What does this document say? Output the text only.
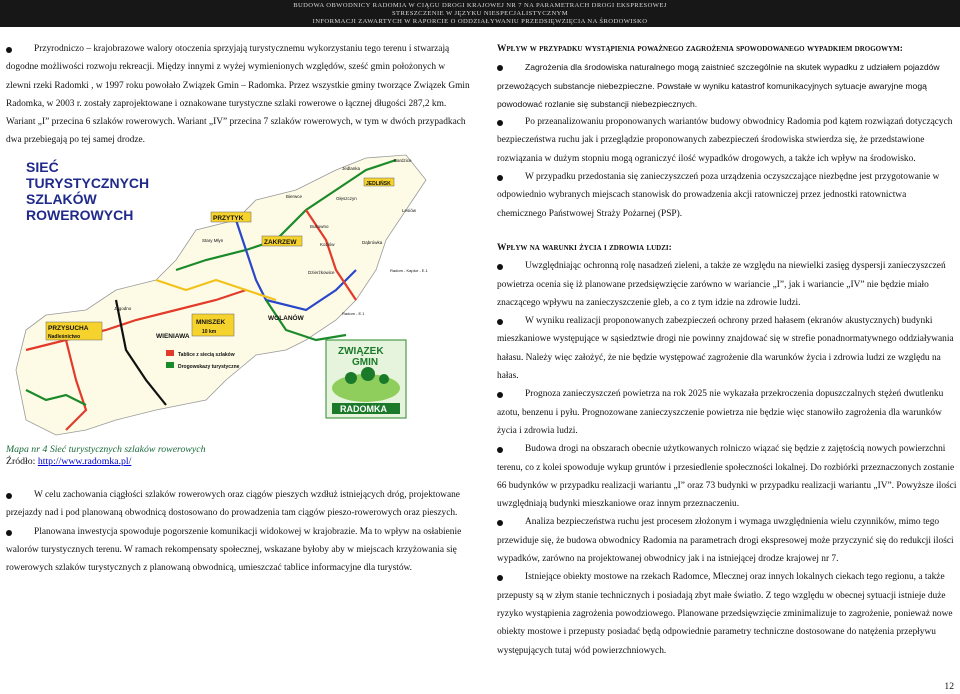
BUDOWA OBWODNICY RADOMIA W CIĄGU DROGI KRAJOWEJ NR 7 NA PARAMETRACH DROGI EKSPRESOWEJ
STRESZCZENIE W JĘZYKU NIESPECJALISTYCZNYM
INFORMACJI ZAWARTYCH W RAPORCIE O ODDZIAŁYWANIU PRZEDSIĘWZIĘCIA NA ŚRODOWISKO

Przyrodniczo – krajobrazowe walory otoczenia sprzyjają turystycznemu wykorzystaniu tego terenu i stwarzają dogodne możliwości rozwoju rekreacji. Między innymi z wyżej wymienionych względów, sześć gmin położonych w zlewni rzeki Radomki , w 1997 roku powołało Związek Gmin – Radomka. Przez wszystkie gminy tworzące Związek Gmin Radomka, w 2003 r. zostały zaprojektowane i oznakowane turystyczne szlaki rowerowe o łącznej długości 287,2 km. Wariant „I” przecina 6 szlaków rowerowych. Wariant „IV” przecina 7 szlaków rowerowych, w tym w dwóch przypadkach dwa przebiegają po tej samej drodze.

SIEĆ
TURYSTYCZNYCH
SZLAKÓW
ROWEROWYCH	PRZYTYK
ZAKRZEW
PRZYSUCHA
Nadleśnictwo	WIENIAWA
MNISZEK
10 km
WOLANÓW
JEDLIŃSK
Jedlanka
Bierwce	Głęszczyn
Lesiów
Bukowno
Kozłów	Dąbrówka
Radom - Kaptur - E.1
Bardzice
Dzierżkowice
Radom - E.1
Stary Młyn
Jagodno
Tablice z siecią szlaków
Drogowskazy turystyczne
ZWIĄZEK
GMIN
RADOMKA
Mapa nr 4 Sieć turystycznych szlaków rowerowych
Źródło: http://www.radomka.pl/

W celu zachowania ciągłości szlaków rowerowych oraz ciągów pieszych wzdłuż istniejących dróg, projektowane przejazdy nad i pod planowaną obwodnicą dostosowano do prowadzenia tam ciągów pieszo-rowerowych oraz pieszych.

Planowana inwestycja spowoduje pogorszenie komunikacji widokowej w krajobrazie. Ma to wpływ na osłabienie walorów turystycznych terenu. W ramach rekompensaty społecznej, wskazane byłoby aby w miejscach krzyżowania się rowerowych szlaków turystycznych z planowaną obwodnicą, umieszczać tablice informacyjne dla turystów.

Wpływ w przypadku wystąpienia poważnego zagrożenia spowodowanego wypadkiem drogowym:

Zagrożenia dla środowiska naturalnego mogą zaistnieć szczególnie na skutek wypadku z udziałem pojazdów przewożących substancje niebezpieczne. Powstałe w wyniku katastrof komunikacyjnych sytuacje awaryjne mogą powodować rozlanie się substancji niebezpiecznych.

Po przeanalizowaniu proponowanych wariantów budowy obwodnicy Radomia pod kątem rozwiązań dotyczących bezpieczeństwa ruchu jak i przeglądzie proponowanych zabezpieczeń środowiska stwierdza się, że przedstawione rozwiązania w dużym stopniu mogą ograniczyć ilość wypadków drogowych, a także ich wpływ na środowisko.

W przypadku przedostania się zanieczyszczeń poza urządzenia oczyszczające niezbędne jest przygotowanie w odpowiednio wybranych miejscach stanowisk do prowadzenia akcji ratowniczej przez jednostki ratownictwa chemicznego Państwowej Straży Pożarnej (PSP).

Wpływ na warunki życia i zdrowia ludzi:

Uwzględniając ochronną rolę nasadzeń zieleni, a także ze względu na niewielki zasięg dyspersji zanieczyszczeń powietrza ocenia się iż planowane przedsięwzięcie zarówno w wariancie „I”, jak i wariancie „IV” nie będzie miało znaczącego wpływu na zanieczyszczenie gleb, a co z tym idzie na zdrowie ludzi.

W wyniku realizacji proponowanych zabezpieczeń ochrony przed hałasem (ekranów akustycznych) budynki mieszkaniowe występujące w sąsiedztwie drogi nie powinny znajdować się w strefie ponadnormatywnego oddziaływania hałasu. Należy więc założyć, że nie będzie występować zagrożenie dla warunków życia i zdrowia ludzi ze względu na hałas.

Prognoza zanieczyszczeń powietrza na rok 2025 nie wykazała przekroczenia dopuszczalnych stężeń dwutlenku azotu, benzenu i pyłu. Prognozowane zanieczyszczenie powietrza nie będzie więc stanowiło zagrożenia dla warunków życia i zdrowia ludzi.

Budowa drogi na obszarach obecnie użytkowanych rolniczo wiązać się będzie z zajętością nowych powierzchni terenu, co z kolei spowoduje wykup gruntów i przesiedlenie społeczności lokalnej. Do rozbiórki przeznaczonych zostanie 66 budynków w przypadku realizacji wariantu „I” oraz 73 budynki w przypadku realizacji wariantu „IV”. Powyższe ilości uwzględniają budynki mieszkaniowe oraz innym przeznaczeniu.

Analiza bezpieczeństwa ruchu jest procesem złożonym i wymaga uwzględnienia wielu czynników, mimo tego przewiduje się, że budowa obwodnicy Radomia na parametrach drogi ekspresowej może przyczynić się do redukcji ilości wypadków, zarówno na projektowanej obwodnicy jak i na istniejącej drodze krajowej nr 7.

Istniejące obiekty mostowe na rzekach Radomce, Mlecznej oraz innych lokalnych ciekach tego regionu, a także przepusty są w złym stanie technicznych i posiadają zbyt małe światło. Z tego względu w obecnej sytuacji istnieje duże ryzyko wystąpienia zagrożenia powodziowego. Planowane przedsięwzięcie zminimalizuje to zagrożenie, ponieważ nowe obiekty mostowe i przepusty posiadać będą odpowiednie parametry techniczne dostosowane do natężenia przepływu występujących tutaj wód powierzchniowych.

12
